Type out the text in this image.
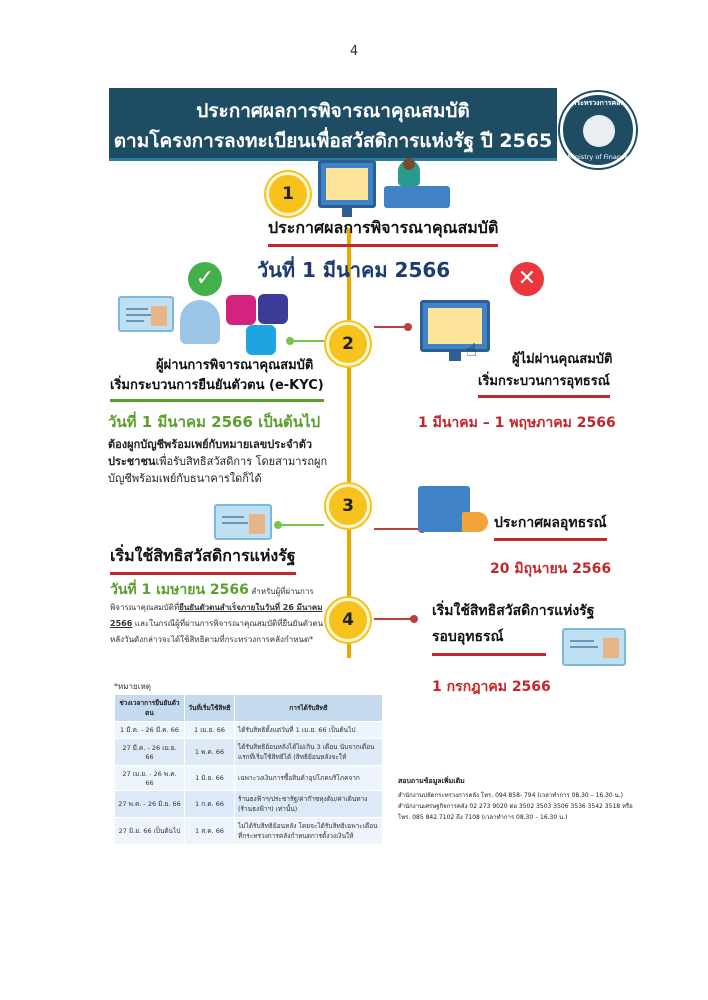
4
ประกาศผลการพิจารณาคุณสมบัติ
ตามโครงการลงทะเบียนเพื่อสวัสดิการแห่งรัฐ ปี 2565
กระทรวงการคลัง
Ministry of Finance
1
ประกาศผลการพิจารณาคุณสมบัติ
วันที่ 1 มีนาคม 2566
✓	✕
2
ผู้ผ่านการพิจารณาคุณสมบัติ
เริ่มกระบวนการยืนยันตัวตน (e-KYC)
วันที่ 1 มีนาคม 2566 เป็นต้นไป
ต้องผูกบัญชีพร้อมเพย์กับหมายเลขประจำตัวประชาชนเพื่อรับสิทธิสวัสดิการ โดยสามารถผูกบัญชีพร้อมเพย์กับธนาคารใดก็ได้
☝	ผู้ไม่ผ่านคุณสมบัติ
เริ่มกระบวนการอุทธรณ์
1 มีนาคม – 1 พฤษภาคม 2566
3
ประกาศผลอุทธรณ์
20 มิถุนายน 2566
เริ่มใช้สิทธิสวัสดิการแห่งรัฐ
วันที่ 1 เมษายน 2566 สำหรับผู้ที่ผ่านการพิจารณาคุณสมบัติที่ยืนยันตัวตนสำเร็จภายในวันที่ 26 มีนาคม 2566 และในกรณีผู้ที่ผ่านการพิจารณาคุณสมบัติที่ยืนยันตัวตนหลังวันดังกล่าวจะได้ใช้สิทธิตามที่กระทรวงการคลังกำหนด*
4	เริ่มใช้สิทธิสวัสดิการแห่งรัฐ
รอบอุทธรณ์
1 กรกฎาคม 2566
*หมายเหตุ
ช่วงเวลาการยืนยันตัวตน	วันที่เริ่มใช้สิทธิ	การได้รับสิทธิ
1 มี.ค. - 26 มี.ค. 66	1 เม.ย. 66	ได้รับสิทธิตั้งแต่วันที่ 1 เม.ย. 66 เป็นต้นไป
27 มี.ค. - 26 เม.ย. 66	1 พ.ค. 66	ได้รับสิทธิย้อนหลังได้ไม่เกิน 3 เดือน นับจากเดือนแรกที่เริ่มใช้สิทธิได้ (สิทธิย้อนหลังจะให้
27 เม.ย. - 26 พ.ค. 66	1 มิ.ย. 66	เฉพาะวงเงินการซื้อสินค้าอุปโภคบริโภคจาก
27 พ.ค. - 26 มิ.ย. 66	1 ก.ค. 66	ร้านธงฟ้าฯ/ประชารัฐ/ค่าก๊าซหุงต้ม/ค่าเดินทาง (ร้านธงฟ้าฯ) เท่านั้น)
27 มิ.ย. 66 เป็นต้นไป	1 ส.ค. 66	ไม่ได้รับสิทธิย้อนหลัง โดยจะได้รับสิทธิเฉพาะเดือนที่กระทรวงการคลังกำหนดการตั้งวงเงินให้
สอบถามข้อมูลเพิ่มเติม
สำนักงานปลัดกระทรวงการคลัง โทร. 094 858- 794 (เวลาทำการ 08.30 – 16.30 น.)
สำนักงานเศรษฐกิจการคลัง 02 273 9020 ต่อ 3502 3503 3506 3536 3542 3518 หรือ
โทร. 085 842 7102 ถึง 7108 (เวลาทำการ 08.30 – 16.30 น.)
